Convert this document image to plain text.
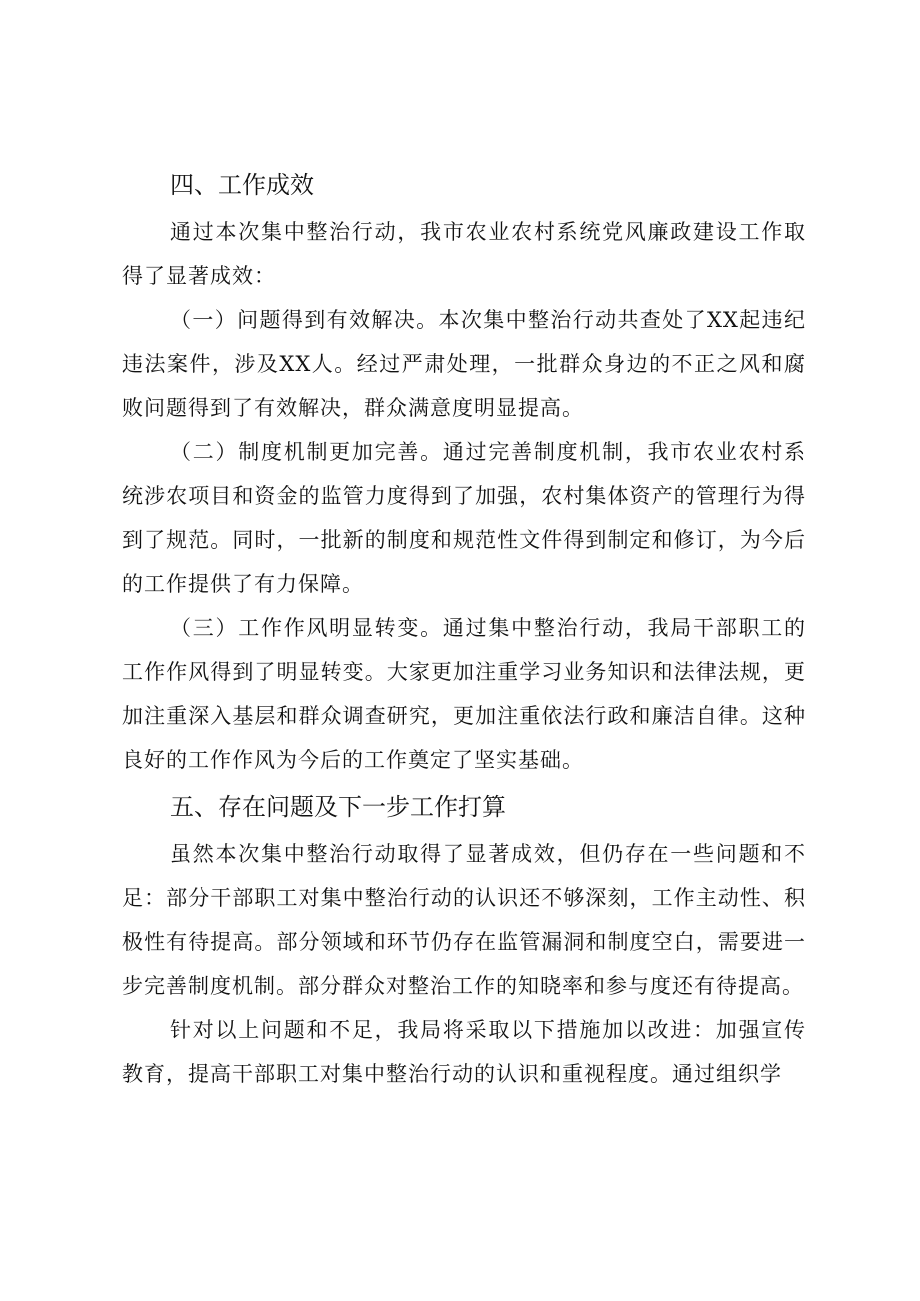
四、工作成效

通过本次集中整治行动，我市农业农村系统党风廉政建设工作取得了显著成效：

（一）问题得到有效解决。本次集中整治行动共查处了XX起违纪违法案件，涉及XX人。经过严肃处理，一批群众身边的不正之风和腐败问题得到了有效解决，群众满意度明显提高。

（二）制度机制更加完善。通过完善制度机制，我市农业农村系统涉农项目和资金的监管力度得到了加强，农村集体资产的管理行为得到了规范。同时，一批新的制度和规范性文件得到制定和修订，为今后的工作提供了有力保障。

（三）工作作风明显转变。通过集中整治行动，我局干部职工的工作作风得到了明显转变。大家更加注重学习业务知识和法律法规，更加注重深入基层和群众调查研究，更加注重依法行政和廉洁自律。这种良好的工作作风为今后的工作奠定了坚实基础。

五、存在问题及下一步工作打算

虽然本次集中整治行动取得了显著成效，但仍存在一些问题和不足：部分干部职工对集中整治行动的认识还不够深刻，工作主动性、积极性有待提高。部分领域和环节仍存在监管漏洞和制度空白，需要进一步完善制度机制。部分群众对整治工作的知晓率和参与度还有待提高。

针对以上问题和不足，我局将采取以下措施加以改进：加强宣传教育，提高干部职工对集中整治行动的认识和重视程度。通过组织学
